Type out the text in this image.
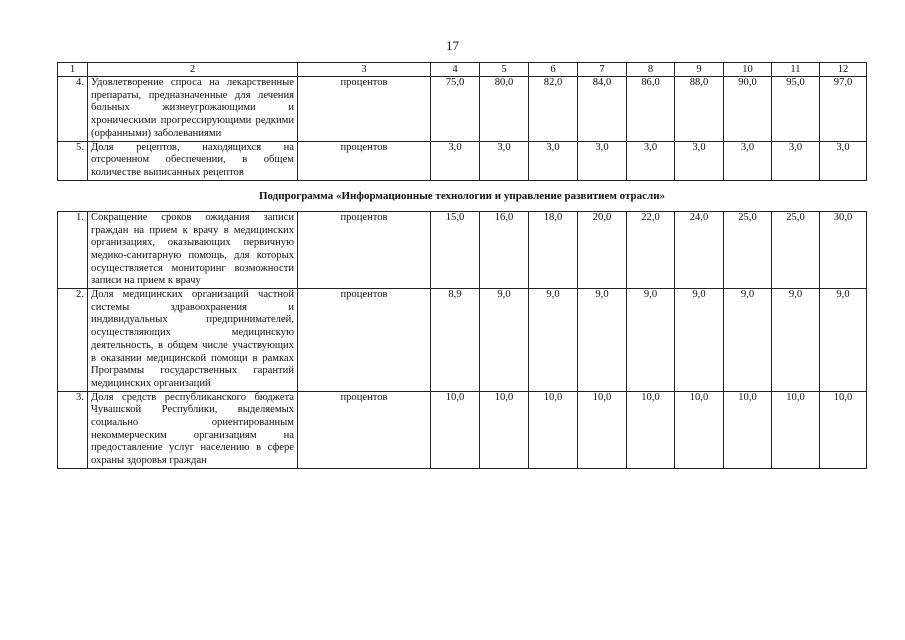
17
1	2	3	4	5	6	7	8	9	10	11	12
4.	Удовлетворение спроса на лекарственные препараты, предназначенные для лечения больных жизнеугрожающими и хроническими прогрессирующими редкими (орфанными) заболеваниями	процентов	75,0	80,0	82,0	84,0	86,0	88,0	90,0	95,0	97,0
5.	Доля рецептов, находящихся на отсроченном обеспечении, в общем количестве выписанных рецептов	процентов	3,0	3,0	3,0	3,0	3,0	3,0	3,0	3,0	3,0
Подпрограмма «Информационные технологии и управление развитием отрасли»											
1.	Сокращение сроков ожидания записи граждан на прием к врачу в медицинских организациях, оказывающих первичную медико-санитарную помощь, для которых осуществляется мониторинг возможности записи на прием к врачу	процентов	15,0	16,0	18,0	20,0	22,0	24,0	25,0	25,0	30,0
2.	Доля медицинских организаций частной системы здравоохранения и индивидуальных предпринимателей, осуществляющих медицинскую деятельность, в общем числе участвующих в оказании медицинской помощи в рамках Программы государственных гарантий медицинских организаций	процентов	8,9	9,0	9,0	9,0	9,0	9,0	9,0	9,0	9,0
3.	Доля средств республиканского бюджета Чувашской Республики, выделяемых социально ориентированным некоммерческим организациям на предоставление услуг населению в сфере охраны здоровья граждан	процентов	10,0	10,0	10,0	10,0	10,0	10,0	10,0	10,0	10,0
